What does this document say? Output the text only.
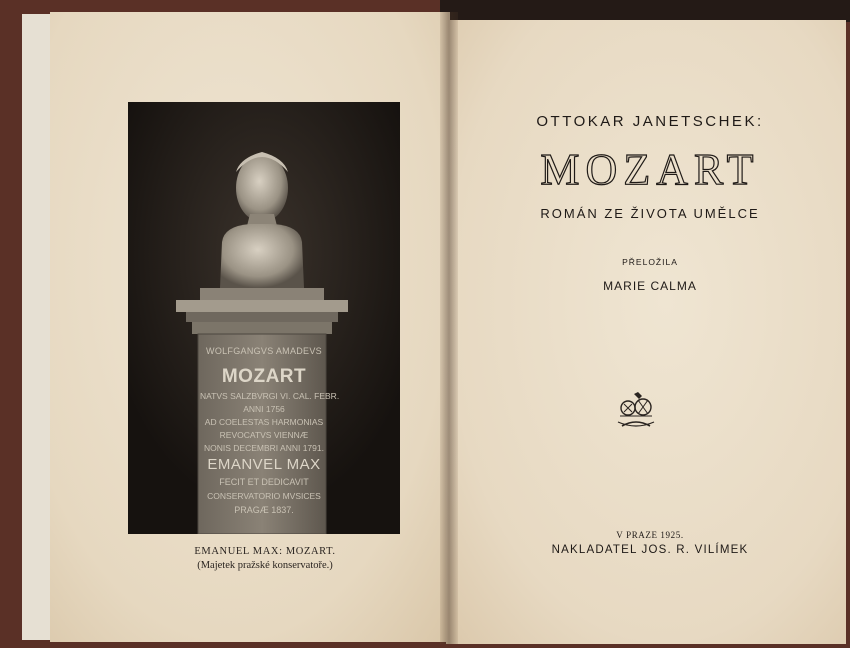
WOLFGANGVS AMADEVS
MOZART
NATVS SALZBVRGI VI. CAL. FEBR.
ANNI 1756
AD COELESTAS HARMONIAS
REVOCATVS VIENNÆ
NONIS DECEMBRI ANNI 1791.
EMANVEL MAX
FECIT ET DEDICAVIT
CONSERVATORIO MVSICES
PRAGÆ 1837.
EMANUEL MAX: MOZART.
(Majetek pražské konservatoře.)
OTTOKAR JANETSCHEK:
MOZART
ROMÁN ZE ŽIVOTA UMĚLCE
PŘELOŽILA
MARIE CALMA
V PRAZE 1925.
NAKLADATEL JOS. R. VILÍMEK
